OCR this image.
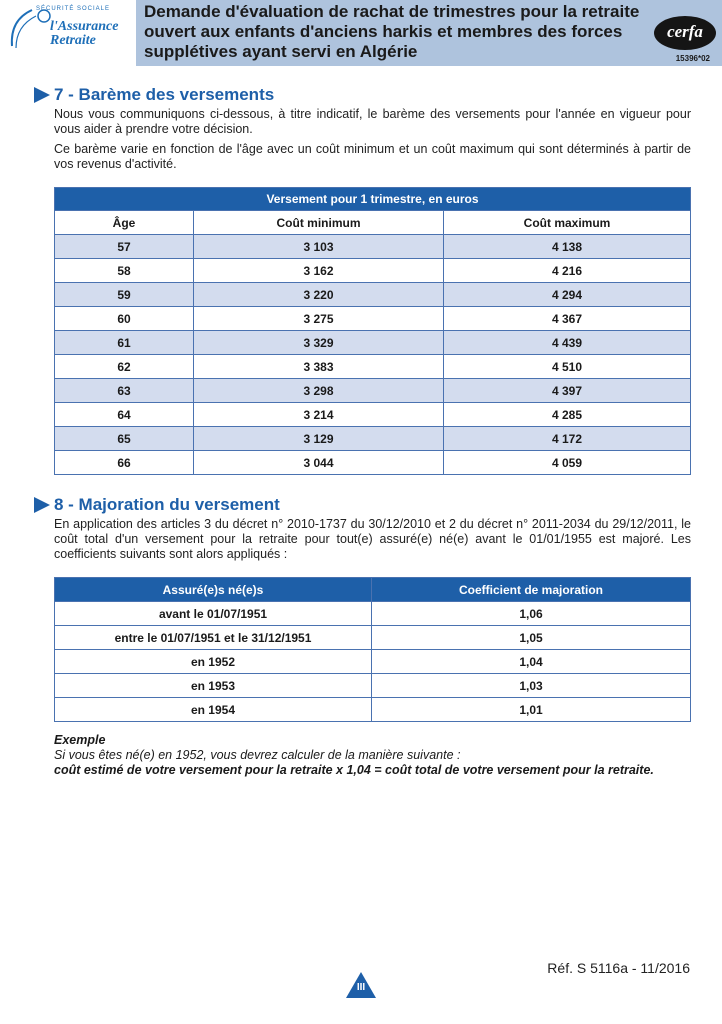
SÉCURITÉ SOCIALE
l'Assurance
Retraite
Demande d'évaluation de rachat de trimestres pour la retraite ouvert aux enfants d'anciens harkis et membres des forces supplétives ayant servi en Algérie
cerfa
15396*02
7 - Barème des versements
Nous vous communiquons ci-dessous, à titre indicatif, le barème des versements pour l'année en vigueur pour vous aider à prendre votre décision.
Ce barème varie en fonction de l'âge avec un coût minimum et un coût maximum qui sont déterminés à partir de vos revenus d'activité.
Versement pour 1 trimestre, en euros		
Âge	Coût minimum	Coût maximum
57	3 103	4 138
58	3 162	4 216
59	3 220	4 294
60	3 275	4 367
61	3 329	4 439
62	3 383	4 510
63	3 298	4 397
64	3 214	4 285
65	3 129	4 172
66	3 044	4 059
8 - Majoration du versement
En application des articles 3 du décret n° 2010-1737 du 30/12/2010 et 2 du décret n° 2011-2034 du 29/12/2011, le coût total d'un versement pour la retraite pour tout(e) assuré(e) né(e) avant le 01/01/1955 est majoré. Les coefficients suivants sont alors appliqués :
Assuré(e)s né(e)s	Coefficient de majoration
avant le 01/07/1951	1,06
entre le 01/07/1951 et le 31/12/1951	1,05
en 1952	1,04
en 1953	1,03
en 1954	1,01
Exemple
Si vous êtes né(e) en 1952, vous devrez calculer de la manière suivante :
coût estimé de votre versement pour la retraite x 1,04 = coût total de votre versement pour la retraite.
Réf. S 5116a - 11/2016
III
